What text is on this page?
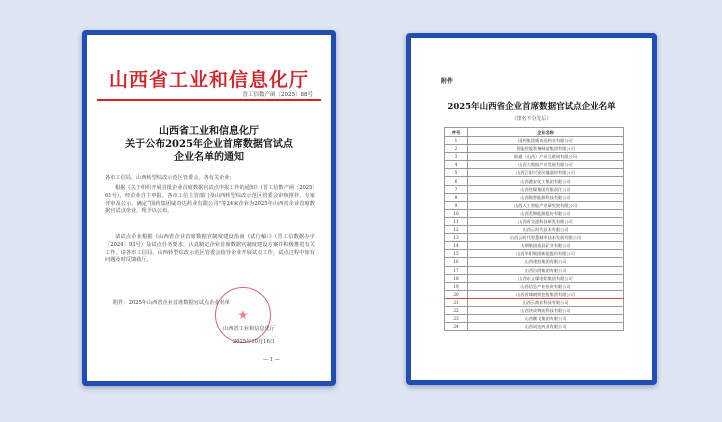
山西省工业和信息化厅
晋工信数产函〔2025〕88号
山西省工业和信息化厅
关于公布2025年企业首席数据官试点
企业名单的通知
各市工信局，山西转型综改示范区管委会，各有关企业：
根据《关于组织开展首批企业首席数据官试点申报工作的通知》（晋工信数产函〔2025〕61号），经企业自主申报、各市工信主管部门及山西转型综改示范区管委会审核推荐、专家评审及公示，确定“国药集团威奇达药业有限公司”等24家企业为2025年山西省企业首席数据官试点企业，现予以公布。
请试点企业根据《山西省企业首席数据官制度建设指南（试行稿）》（晋工信数据办字〔2024〕93号）及试点任务要求，认真制定企业首席数据官制度建设方案并积极推进有关工作。请各市工信局、山西转型综改示范区管委会指导企业开展试点工作，试点过程中如有问题及时反馈我厅。
附件：2025年山西省企业首席数据官试点企业名单
山西省工业和信息化厅
2025年10月16日
— 1 —
附件
2025年山西省企业首席数据官试点企业名单
（排名不分先后）
序号	企业名称
1	国药集团威奇达药业有限公司
2	晋能控股装备制造集团有限公司
3	联通（山西）产业互联网有限公司
4	山西大数据产业发展有限公司
5	山西江阳兴安民爆器材有限公司
6	山西潞安化工集团有限公司
7	山西焦煤集团有限责任公司
8	山西数智能源科技有限公司
9	山西人工智能产业研究院有限公司
10	山西美锦能源股份有限公司
11	山西省交通科技研发有限公司
12	山西云时代技术有限公司
13	山西云时代智慧城市技术发展有限公司
14	太钢集团岚县矿业有限公司
15	山西华阳集团新能股份有限公司
16	山西建投集团有限公司
17	山西汾酒集团有限公司
18	山西东义煤电铝集团有限公司
19	山西信息产业投资有限公司
20	山西晋城钢铁控股集团有限公司
21	山西云商业科技有限公司
22	山西快成物流科技有限公司
23	山西鹏飞集团有限公司
24	山西同达药业有限公司
